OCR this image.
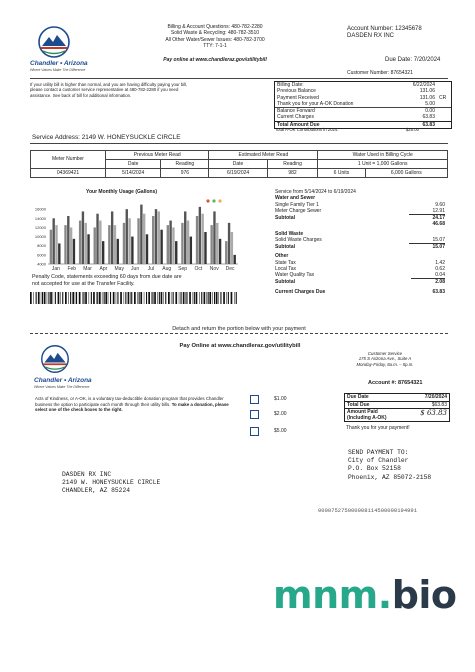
Chandler • Arizona
Where Values Make The Difference
Billing & Account Questions: 480-782-2280
Solid Waste & Recycling: 480-782-3510
All Other Water/Sewer Issues: 480-782-3700
TTY: 7-1-1
Pay online at www.chandleraz.gov/utilitybill
Account Number: 12345678
DASDEN RX INC
Due Date: 7/20/2024
Customer Number: 87654321
If your utility bill is higher than normal, and you are having difficulty paying your bill, please contact a customer service representative at 480-782-2280 if you need assistance. See back of bill for additional information.
Billing Date:	6/22/2024	
Previous Balance	131.06	
Payment Received	131.06	CR
Thank you for your A-OK Donation	5.00	
Balance Forward	0.00	
Current Charges	63.83	
Total Amount Due	63.83	
Total A-OK Contributions in 2024:	$25.00
Service Address: 2149 W. HONEYSUCKLE CIRCLE
Meter Number	Previous Meter Read		Estimated Meter Read		Water Used in Billing Cycle	
	Date	Reading	Date	Reading	1 Unit = 1,000 Gallons	
04369421	5/14/2024	976	6/19/2024	982	6 Units	6,000 Gallons
Your Monthly Usage (Gallons)
16000
14000
12000
10000
8000
6000
4000
Jan Feb Mar Apr May Jun Jul Aug Sep Oct Nov Dec
Penalty Code, statements exceeding 60 days from due date are not accepted for use at the Transfer Facility.
Service from 5/14/2024 to 6/19/2024
Water and Sewer
Single Family Tier 1	9.60
Meter Charge Sewer	12.91
Subtotal	24.17
	46.68
Solid Waste
Solid Waste Charges	15.07
Subtotal	15.07
Other
State Tax	1.42
Local Tax	0.62
Water Quality Tax	0.04
Subtotal	2.08
Current Charges Due	63.83
Detach and return the portion below with your payment
Chandler • Arizona
Where Values Make The Difference
Pay Online at www.chandleraz.gov/utilitybill
Customer Service
175 S Arizona Ave., Suite A
Monday-Friday, 8a.m. – 5p.m.
Account #: 87654321
Acts of Kindness, or A-OK, is a voluntary tax-deductible donation program that provides Chandler business the option to participate each month through their utility bills. To make a donation, please select one of the check boxes to the right.
$1.00
$2.00
$5.00
Due Date	7/20/2024
Total Due	$63.83
Amount Paid
(Including A-OK)
$ 63.83
Thank you for your payment!
SEND PAYMENT TO:
City of Chandler
P.O. Box 52158
Phoenix, AZ 85072-2158
DASDEN RX INC
2149 W. HONEYSUCKLE CIRCLE
CHANDLER, AZ 85224
000075275000008114500000194991
mnm.bio
